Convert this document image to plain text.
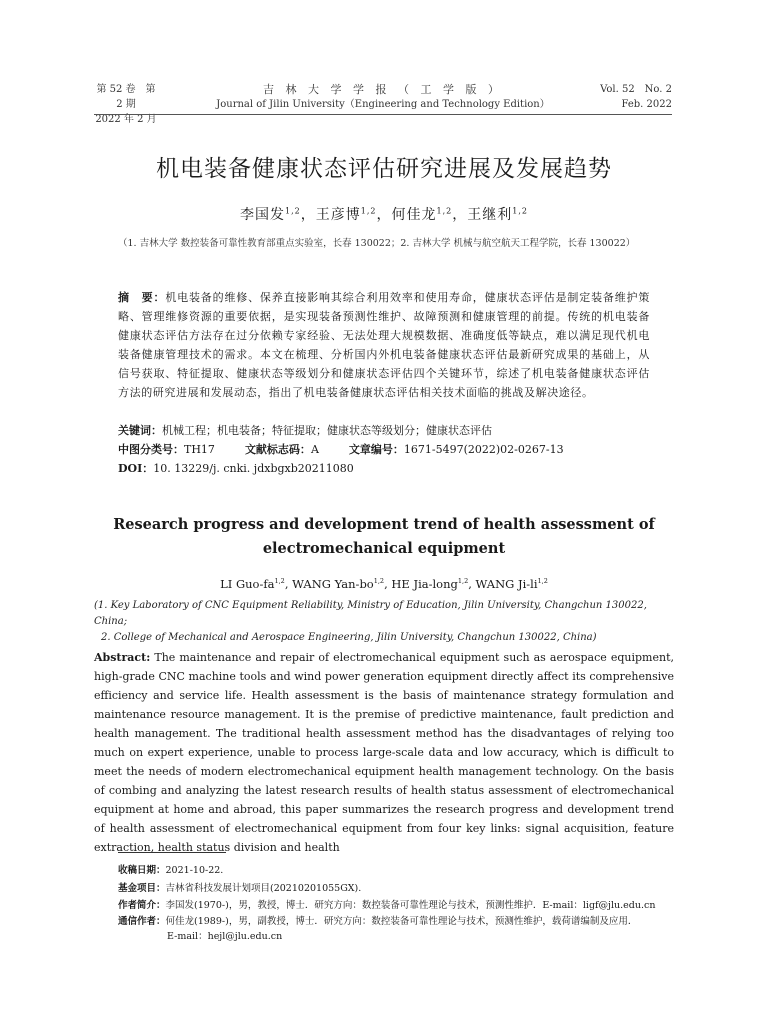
第 52 卷　第 2 期
2022 年 2 月
吉 林 大 学 学 报 （ 工 学 版 ）
Journal of Jilin University（Engineering and Technology Edition）
Vol. 52　No. 2
Feb. 2022
机电装备健康状态评估研究进展及发展趋势
李国发$^{1,2}$，王彦博$^{1,2}$，何佳龙$^{1,2}$，王继利$^{1,2}$
（1. 吉林大学 数控装备可靠性教育部重点实验室，长春 130022；2. 吉林大学 机械与航空航天工程学院，长春 130022）
摘　要：机电装备的维修、保养直接影响其综合利用效率和使用寿命，健康状态评估是制定装备维护策略、管理维修资源的重要依据，是实现装备预测性维护、故障预测和健康管理的前提。传统的机电装备健康状态评估方法存在过分依赖专家经验、无法处理大规模数据、准确度低等缺点，难以满足现代机电装备健康管理技术的需求。本文在梳理、分析国内外机电装备健康状态评估最新研究成果的基础上，从信号获取、特征提取、健康状态等级划分和健康状态评估四个关键环节，综述了机电装备健康状态评估方法的研究进展和发展动态，指出了机电装备健康状态评估相关技术面临的挑战及解决途径。
关键词：机械工程；机电装备；特征提取；健康状态等级划分；健康状态评估
中图分类号：TH17	文献标志码：A	文章编号：1671-5497(2022)02-0267-13
DOI：10. 13229/j. cnki. jdxbgxb20211080
Research progress and development trend of health assessment of
electromechanical equipment
LI Guo-fa$^{1,2}$, WANG Yan-bo$^{1,2}$, HE Jia-long$^{1,2}$, WANG Ji-li$^{1,2}$
(1. Key Laboratory of CNC Equipment Reliability, Ministry of Education, Jilin University, Changchun 130022, China;
2. College of Mechanical and Aerospace Engineering, Jilin University, Changchun 130022, China)
Abstract: The maintenance and repair of electromechanical equipment such as aerospace equipment, high-grade CNC machine tools and wind power generation equipment directly affect its comprehensive efficiency and service life. Health assessment is the basis of maintenance strategy formulation and maintenance resource management. It is the premise of predictive maintenance, fault prediction and health management. The traditional health assessment method has the disadvantages of relying too much on expert experience, unable to process large-scale data and low accuracy, which is difficult to meet the needs of modern electromechanical equipment health management technology. On the basis of combing and analyzing the latest research results of health status assessment of electromechanical equipment at home and abroad, this paper summarizes the research progress and development trend of health assessment of electromechanical equipment from four key links: signal acquisition, feature extraction, health status division and health
收稿日期：2021-10-22.
基金项目：吉林省科技发展计划项目(20210201055GX).
作者简介：李国发(1970-)，男，教授，博士．研究方向：数控装备可靠性理论与技术，预测性维护．E-mail：ligf@jlu.edu.cn
通信作者：何佳龙(1989-)，男，副教授，博士．研究方向：数控装备可靠性理论与技术，预测性维护，载荷谱编制及应用．
E-mail：hejl@jlu.edu.cn
